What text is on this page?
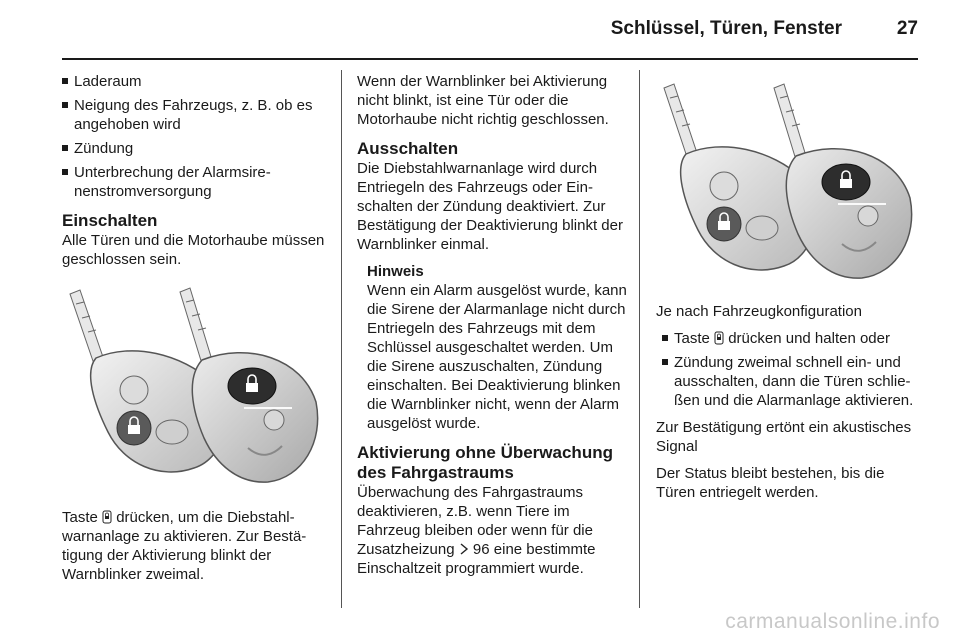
Schlüssel, Türen, Fenster	27
Laderaum
Neigung des Fahrzeugs, z. B. ob es angehoben wird
Zündung
Unterbrechung der Alarmsirenenstromversorgung
Einschalten

Alle Türen und die Motorhaube müssen geschlossen sein.

Taste drücken, um die Diebstahlwarnanlage zu aktivieren. Zur Bestätigung der Aktivierung blinkt der Warnblinker zweimal.

Wenn der Warnblinker bei Aktivierung nicht blinkt, ist eine Tür oder die Motorhaube nicht richtig geschlossen.

Ausschalten

Die Diebstahlwarnanlage wird durch Entriegeln des Fahrzeugs oder Einschalten der Zündung deaktiviert. Zur Bestätigung der Deaktivierung blinkt der Warnblinker einmal.

Hinweis
Wenn ein Alarm ausgelöst wurde, kann die Sirene der Alarmanlage nicht durch Entriegeln des Fahrzeugs mit dem Schlüssel ausgeschaltet werden. Um die Sirene auszuschalten, Zündung einschalten. Bei Deaktivierung blinken die Warnblinker nicht, wenn der Alarm ausgelöst wurde.
Aktivierung ohne Überwachung des Fahrgastraums

Überwachung des Fahrgastraums deaktivieren, z.B. wenn Tiere im Fahrzeug bleiben oder wenn für die Zusatzheizung 96 eine bestimmte Einschaltzeit programmiert wurde.

Je nach Fahrzeugkonfiguration

Taste drücken und halten oder
Zündung zweimal schnell ein- und ausschalten, dann die Türen schließen und die Alarmanlage aktivieren.

Zur Bestätigung ertönt ein akustisches Signal

Der Status bleibt bestehen, bis die Türen entriegelt werden.

carmanualsonline.info
